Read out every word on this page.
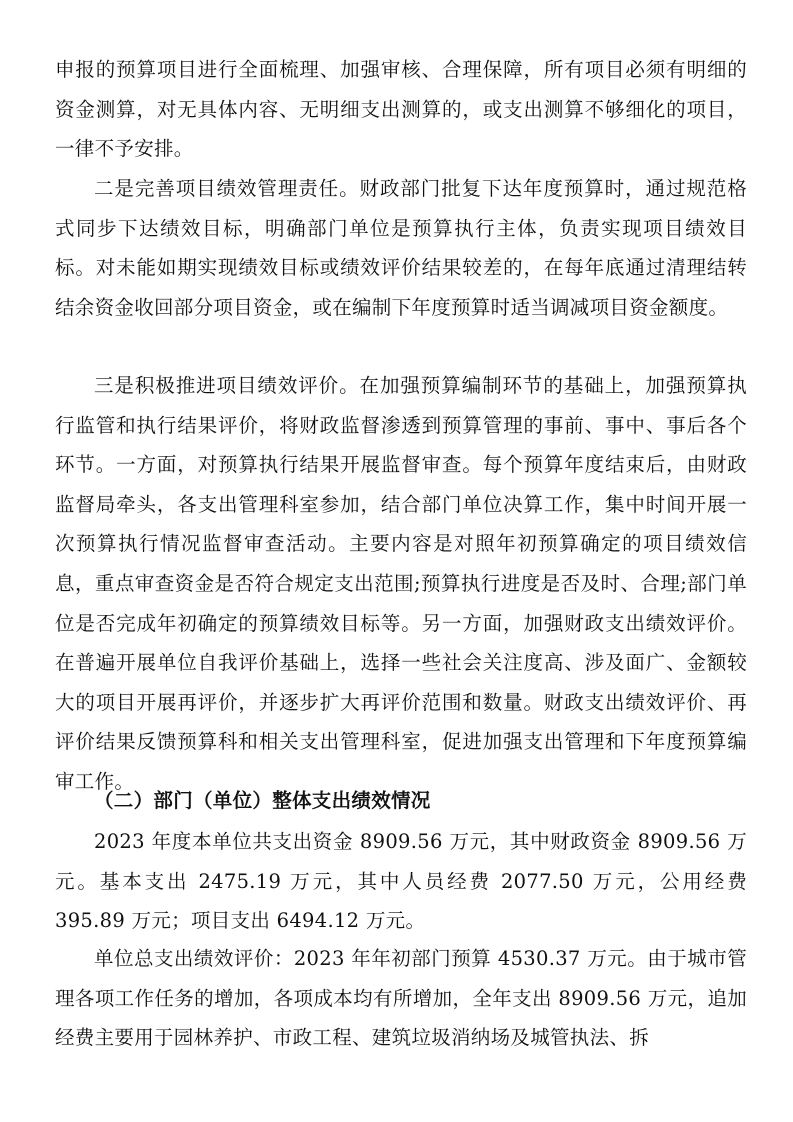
申报的预算项目进行全面梳理、加强审核、合理保障，所有项目必须有明细的资金测算，对无具体内容、无明细支出测算的，或支出测算不够细化的项目，一律不予安排。

二是完善项目绩效管理责任。财政部门批复下达年度预算时，通过规范格式同步下达绩效目标，明确部门单位是预算执行主体，负责实现项目绩效目标。对未能如期实现绩效目标或绩效评价结果较差的，在每年底通过清理结转结余资金收回部分项目资金，或在编制下年度预算时适当调减项目资金额度。

三是积极推进项目绩效评价。在加强预算编制环节的基础上，加强预算执行监管和执行结果评价，将财政监督渗透到预算管理的事前、事中、事后各个环节。一方面，对预算执行结果开展监督审查。每个预算年度结束后，由财政监督局牵头，各支出管理科室参加，结合部门单位决算工作，集中时间开展一次预算执行情况监督审查活动。主要内容是对照年初预算确定的项目绩效信息，重点审查资金是否符合规定支出范围;预算执行进度是否及时、合理;部门单位是否完成年初确定的预算绩效目标等。另一方面，加强财政支出绩效评价。在普遍开展单位自我评价基础上，选择一些社会关注度高、涉及面广、金额较大的项目开展再评价，并逐步扩大再评价范围和数量。财政支出绩效评价、再评价结果反馈预算科和相关支出管理科室，促进加强支出管理和下年度预算编审工作。

（二）部门（单位）整体支出绩效情况

2023 年度本单位共支出资金 8909.56 万元，其中财政资金 8909.56 万元。基本支出 2475.19 万元，其中人员经费 2077.50 万元，公用经费 395.89 万元；项目支出 6494.12 万元。

单位总支出绩效评价：2023 年年初部门预算 4530.37 万元。由于城市管理各项工作任务的增加，各项成本均有所增加，全年支出 8909.56 万元，追加经费主要用于园林养护、市政工程、建筑垃圾消纳场及城管执法、拆
